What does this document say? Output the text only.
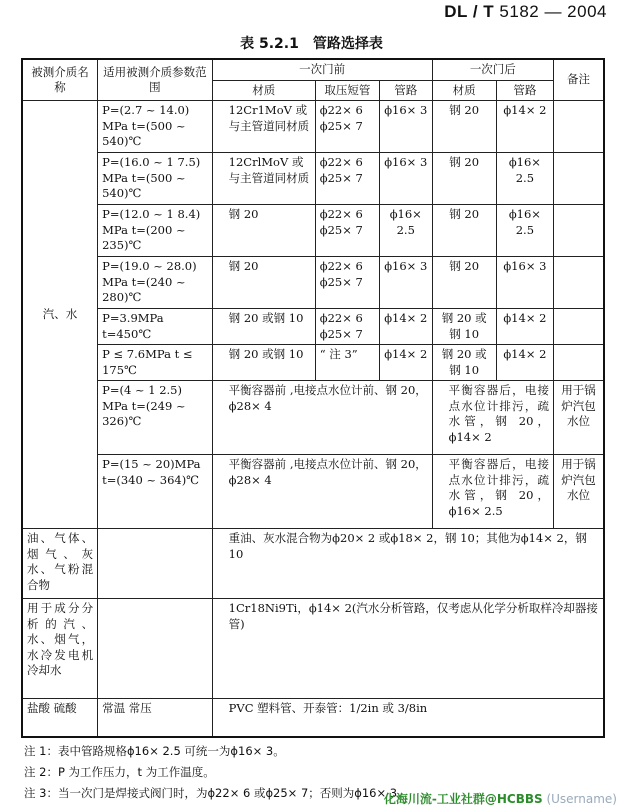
DL / T 5182 — 2004
表 5.2.1　管路选择表
被测介质名称	适用被测介质参数范围	一次门前			一次门后		备注
		材质	取压短管	管路	材质	管路	
汽、水	P=(2.7 ~ 14.0) MPa t=(500 ~ 540)℃	12Cr1MoV 或与主管道同材质	ϕ22× 6 ϕ25× 7	ϕ16× 3	钢 20	ϕ14× 2	
	P=(16.0 ~ 1 7.5) MPa t=(500 ~ 540)℃	12CrlMoV 或与主管道同材质	ϕ22× 6 ϕ25× 7	ϕ16× 3	钢 20	ϕ16× 2.5	
	P=(12.0 ~ 1 8.4) MPa t=(200 ~ 235)℃	钢 20	ϕ22× 6 ϕ25× 7	ϕ16× 2.5	钢 20	ϕ16× 2.5	
	P=(19.0 ~ 28.0) MPa t=(240 ~ 280)℃	钢 20	ϕ22× 6 ϕ25× 7	ϕ16× 3	钢 20	ϕ16× 3	
	P=3.9MPa t=450℃	钢 20 或钢 10	ϕ22× 6 ϕ25× 7	ϕ14× 2	钢 20 或钢 10	ϕ14× 2	
	P ≤ 7.6MPa t ≤ 175℃	钢 20 或钢 10	“ 注 3”	ϕ14× 2	钢 20 或钢 10	ϕ14× 2	
	P=(4 ~ 1 2.5) MPa t=(249 ~ 326)℃	平衡容器前 ,电接点水位计前、钢 20，ϕ28× 4			平衡容器后，电接点水位计排污，疏水管，钢 20，ϕ14× 2		用于锅炉汽包水位
	P=(15 ~ 20)MPa t=(340 ~ 364)℃	平衡容器前 ,电接点水位计前、钢 20，ϕ28× 4			平衡容器后，电接点水位计排污，疏水管，钢 20，ϕ16× 2.5		用于锅炉汽包水位
油、气体、烟气、灰水、气粉混合物		重油、灰水混合物为ϕ20× 2 或ϕ18× 2，钢 10；其他为ϕ14× 2，钢 10					
用于成分分析的汽、水、烟气，水冷发电机冷却水		1Cr18Ni9Ti，ϕ14× 2(汽水分析管路，仅考虑从化学分析取样冷却器接管)					
盐酸 硫酸	常温 常压	PVC 塑料管、开泰管：1/2in 或 3/8in					
注 1：表中管路规格ϕ16× 2.5 可统一为ϕ16× 3。
注 2：P 为工作压力，t 为工作温度。
注 3：当一次门是焊接式阀门时，为ϕ22× 6 或ϕ25× 7；否则为ϕ16× 3。
化海川流-工业社群@HCBBS (Username)
